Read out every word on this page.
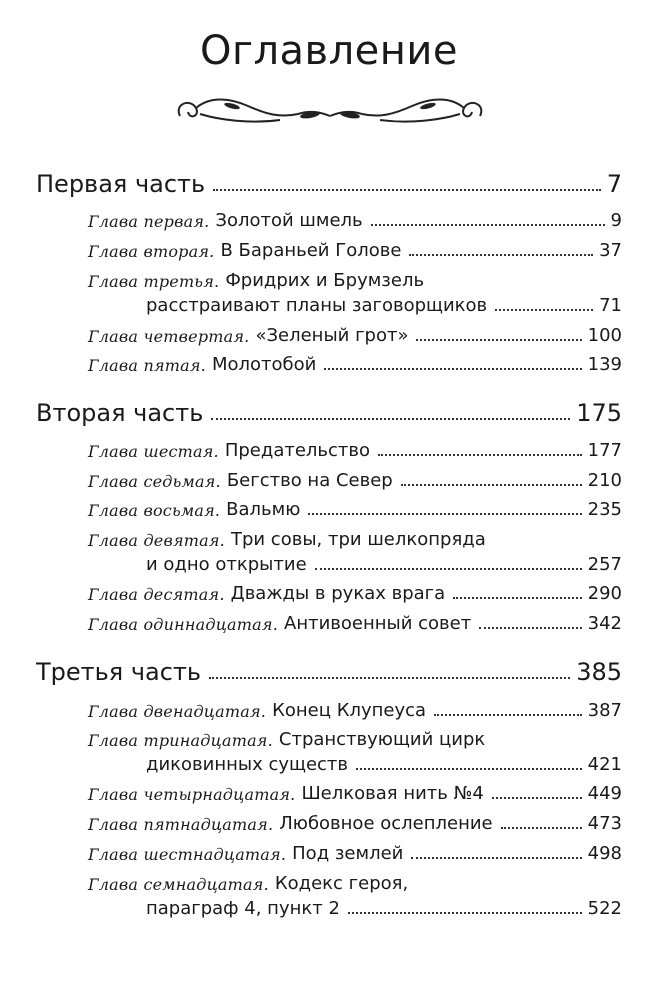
Оглавление
Первая часть	7
Глава первая. Золотой шмель	9
Глава вторая. В Бараньей Голове	37
Глава третья. Фридрих и Брумзель
расстраивают планы заговорщиков	71
Глава четвертая. «Зеленый грот»	100
Глава пятая. Молотобой	139
Вторая часть	175
Глава шестая. Предательство	177
Глава седьмая. Бегство на Север	210
Глава восьмая. Вальмю	235
Глава девятая. Три совы, три шелкопряда
и одно открытие	257
Глава десятая. Дважды в руках врага	290
Глава одиннадцатая. Антивоенный совет	342
Третья часть	385
Глава двенадцатая. Конец Клупеуса	387
Глава тринадцатая. Странствующий цирк
диковинных существ	421
Глава четырнадцатая. Шелковая нить №4	449
Глава пятнадцатая. Любовное ослепление	473
Глава шестнадцатая. Под землей	498
Глава семнадцатая. Кодекс героя,
параграф 4, пункт 2	522
